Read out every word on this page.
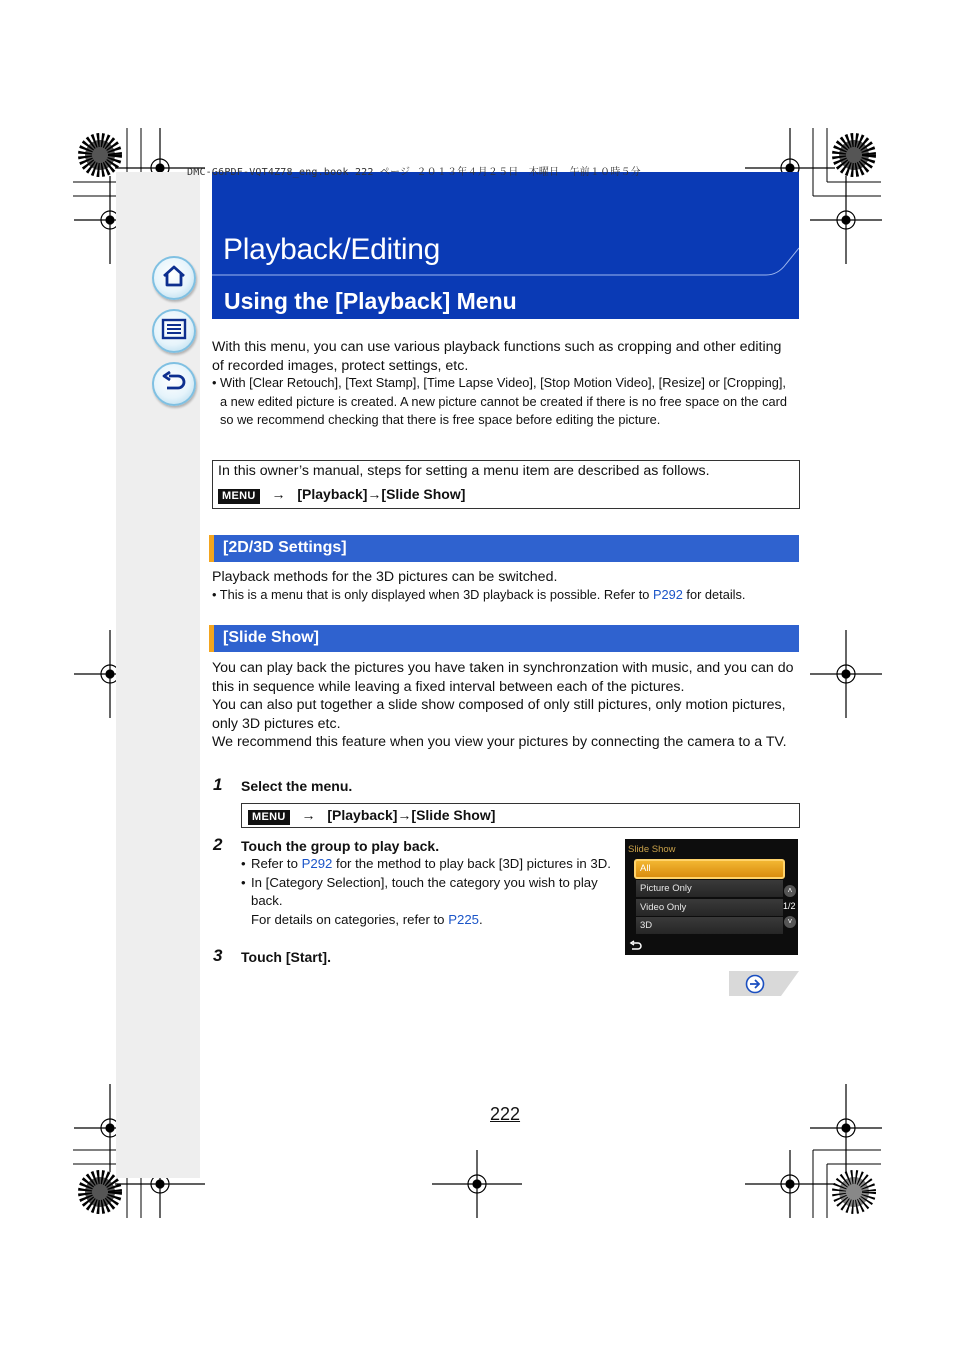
DMC-G6PDF-VQT4Z78_eng.book 222 ページ ２０１３年４月２５日　木曜日　午前１０時５分
Playback/Editing
Using the [Playback] Menu
With this menu, you can use various playback functions such as cropping and other editing of recorded images, protect settings, etc.
• With [Clear Retouch], [Text Stamp], [Time Lapse Video], [Stop Motion Video], [Resize] or [Cropping], a new edited picture is created. A new picture cannot be created if there is no free space on the card so we recommend checking that there is free space before editing the picture.
In this owner’s manual, steps for setting a menu item are described as follows.
MENU → [Playback]→[Slide Show]
[2D/3D Settings]
Playback methods for the 3D pictures can be switched.
• This is a menu that is only displayed when 3D playback is possible. Refer to P292 for details.
[Slide Show]
You can play back the pictures you have taken in synchronzation with music, and you can do this in sequence while leaving a fixed interval between each of the pictures.
You can also put together a slide show composed of only still pictures, only motion pictures, only 3D pictures etc.
We recommend this feature when you view your pictures by connecting the camera to a TV.
1 Select the menu.
MENU → [Playback]→[Slide Show]
2 Touch the group to play back.
• Refer to P292 for the method to play back [3D] pictures in 3D.
• In [Category Selection], touch the category you wish to play back.
For details on categories, refer to P225.
3 Touch [Start].
Slide Show
All
Picture Only
Video Only
3D
˄
1/2
˅
222
